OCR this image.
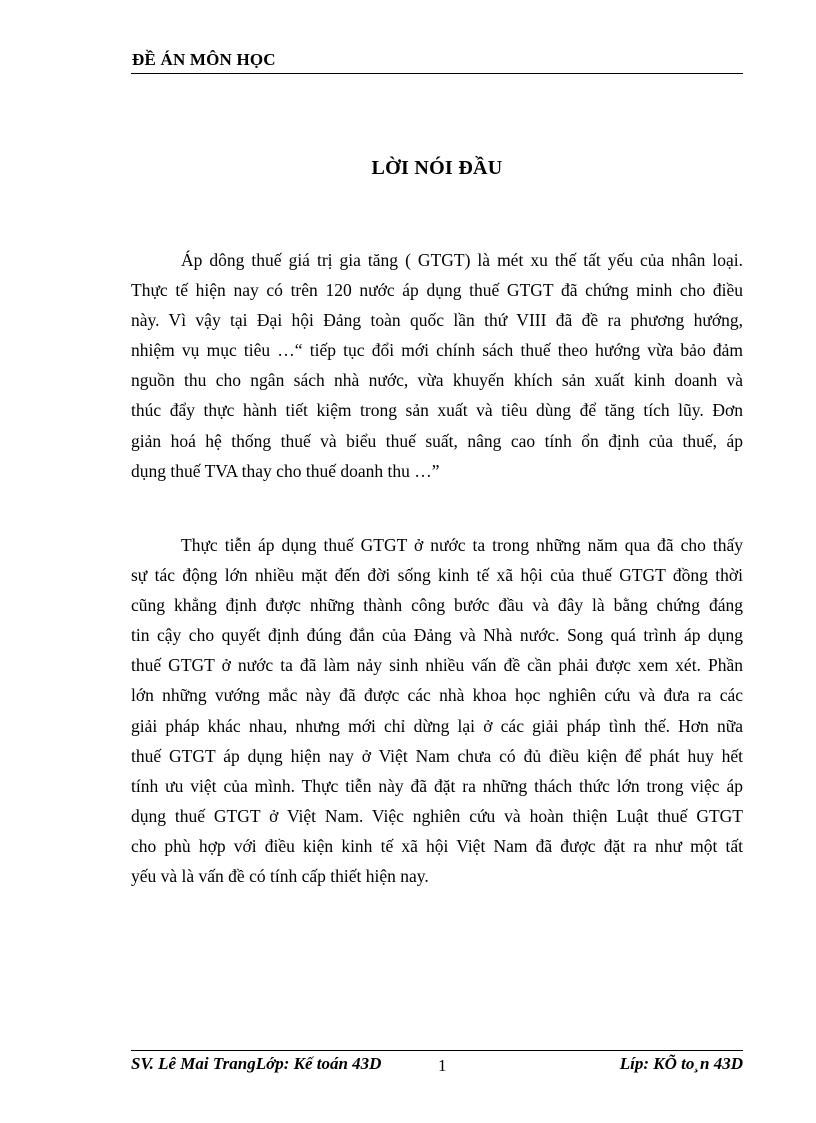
ĐỀ ÁN MÔN HỌC
LỜI NÓI ĐẦU
Áp dông thuế giá trị gia tăng ( GTGT) là mét xu thế tất yếu của nhân loại.
Thực tế hiện nay có trên 120 nước áp dụng thuế GTGT đã chứng minh cho điều
này. Vì vậy tại Đại hội Đảng toàn quốc lần thứ VIII đã đề ra phương hướng,
nhiệm vụ mục tiêu …“ tiếp tục đổi mới chính sách thuế theo hướng vừa bảo đảm
nguồn thu cho ngân sách nhà nước, vừa khuyến khích sản xuất kinh doanh và
thúc đẩy thực hành tiết kiệm trong sản xuất và tiêu dùng để tăng tích lũy. Đơn
giản hoá hệ thống thuế và biểu thuế suất, nâng cao tính ổn định của thuế, áp
dụng thuế TVA thay cho thuế doanh thu …”
Thực tiễn áp dụng thuế GTGT ở nước ta trong những năm qua đã cho thấy
sự tác động lớn nhiều mặt đến đời sống kinh tế xã hội của thuế GTGT đồng thời
cũng khẳng định được những thành công bước đầu và đây là bằng chứng đáng
tin cậy cho quyết định đúng đắn của Đảng và Nhà nước. Song quá trình áp dụng
thuế GTGT ở nước ta đã làm nảy sinh nhiều vấn đề cần phải được xem xét. Phần
lớn những vướng mắc này đã được các nhà khoa học nghiên cứu và đưa ra các
giải pháp khác nhau, nhưng mới chỉ dừng lại ở các giải pháp tình thế. Hơn nữa
thuế GTGT áp dụng hiện nay ở Việt Nam chưa có đủ điều kiện để phát huy hết
tính ưu việt của mình. Thực tiễn này đã đặt ra những thách thức lớn trong việc áp
dụng thuế GTGT ở Việt Nam. Việc nghiên cứu và hoàn thiện Luật thuế GTGT
cho phù hợp với điều kiện kinh tế xã hội Việt Nam đã được đặt ra như một tất
yếu và là vấn đề có tính cấp thiết hiện nay.
SV. Lê Mai TrangLớp: Kế toán 43D	1	Líp: KÕ to¸n 43D
